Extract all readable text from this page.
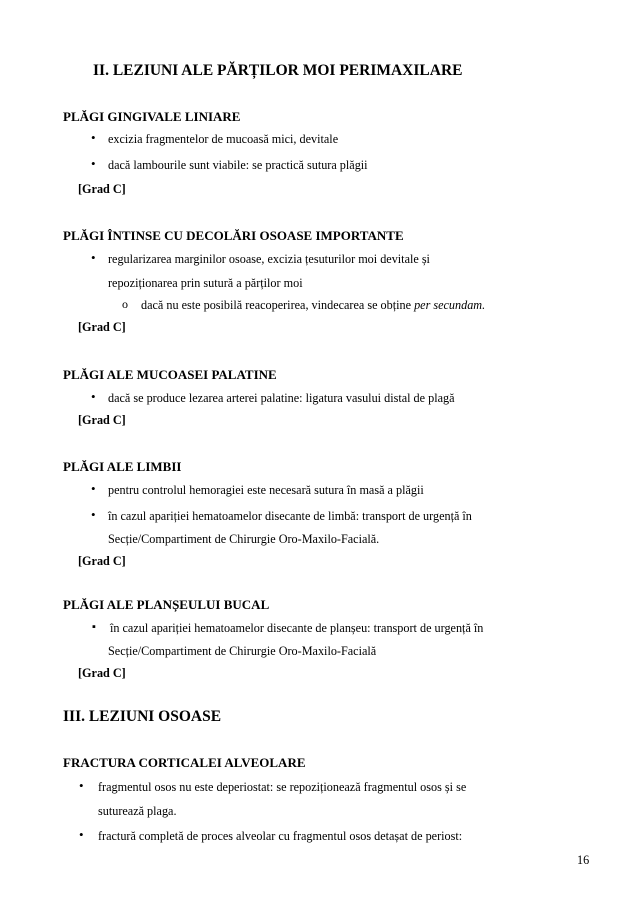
II. LEZIUNI ALE PĂRȚILOR MOI PERIMAXILARE
PLĂGI GINGIVALE LINIARE
• excizia fragmentelor de mucoasă mici, devitale
• dacă lambourile sunt viabile: se practică sutura plăgii
[Grad C]
PLĂGI ÎNTINSE CU DECOLĂRI OSOASE IMPORTANTE
• regularizarea marginilor osoase, excizia țesuturilor moi devitale și
repoziționarea prin sutură a părților moi
o dacă nu este posibilă reacoperirea, vindecarea se obține per secundam.
[Grad C]
PLĂGI ALE MUCOASEI PALATINE
• dacă se produce lezarea arterei palatine: ligatura vasului distal de plagă
[Grad C]
PLĂGI ALE LIMBII
• pentru controlul hemoragiei este necesară sutura în masă a plăgii
• în cazul apariției hematoamelor disecante de limbă: transport de urgență în
Secție/Compartiment de Chirurgie Oro-Maxilo-Facială.
[Grad C]
PLĂGI ALE PLANȘEULUI BUCAL
▪ în cazul apariției hematoamelor disecante de planșeu: transport de urgență în
Secție/Compartiment de Chirurgie Oro-Maxilo-Facială
[Grad C]
III. LEZIUNI OSOASE
FRACTURA CORTICALEI ALVEOLARE
• fragmentul osos nu este deperiostat: se repoziționează fragmentul osos și se
suturează plaga.
• fractură completă de proces alveolar cu fragmentul osos detașat de periost:
16
